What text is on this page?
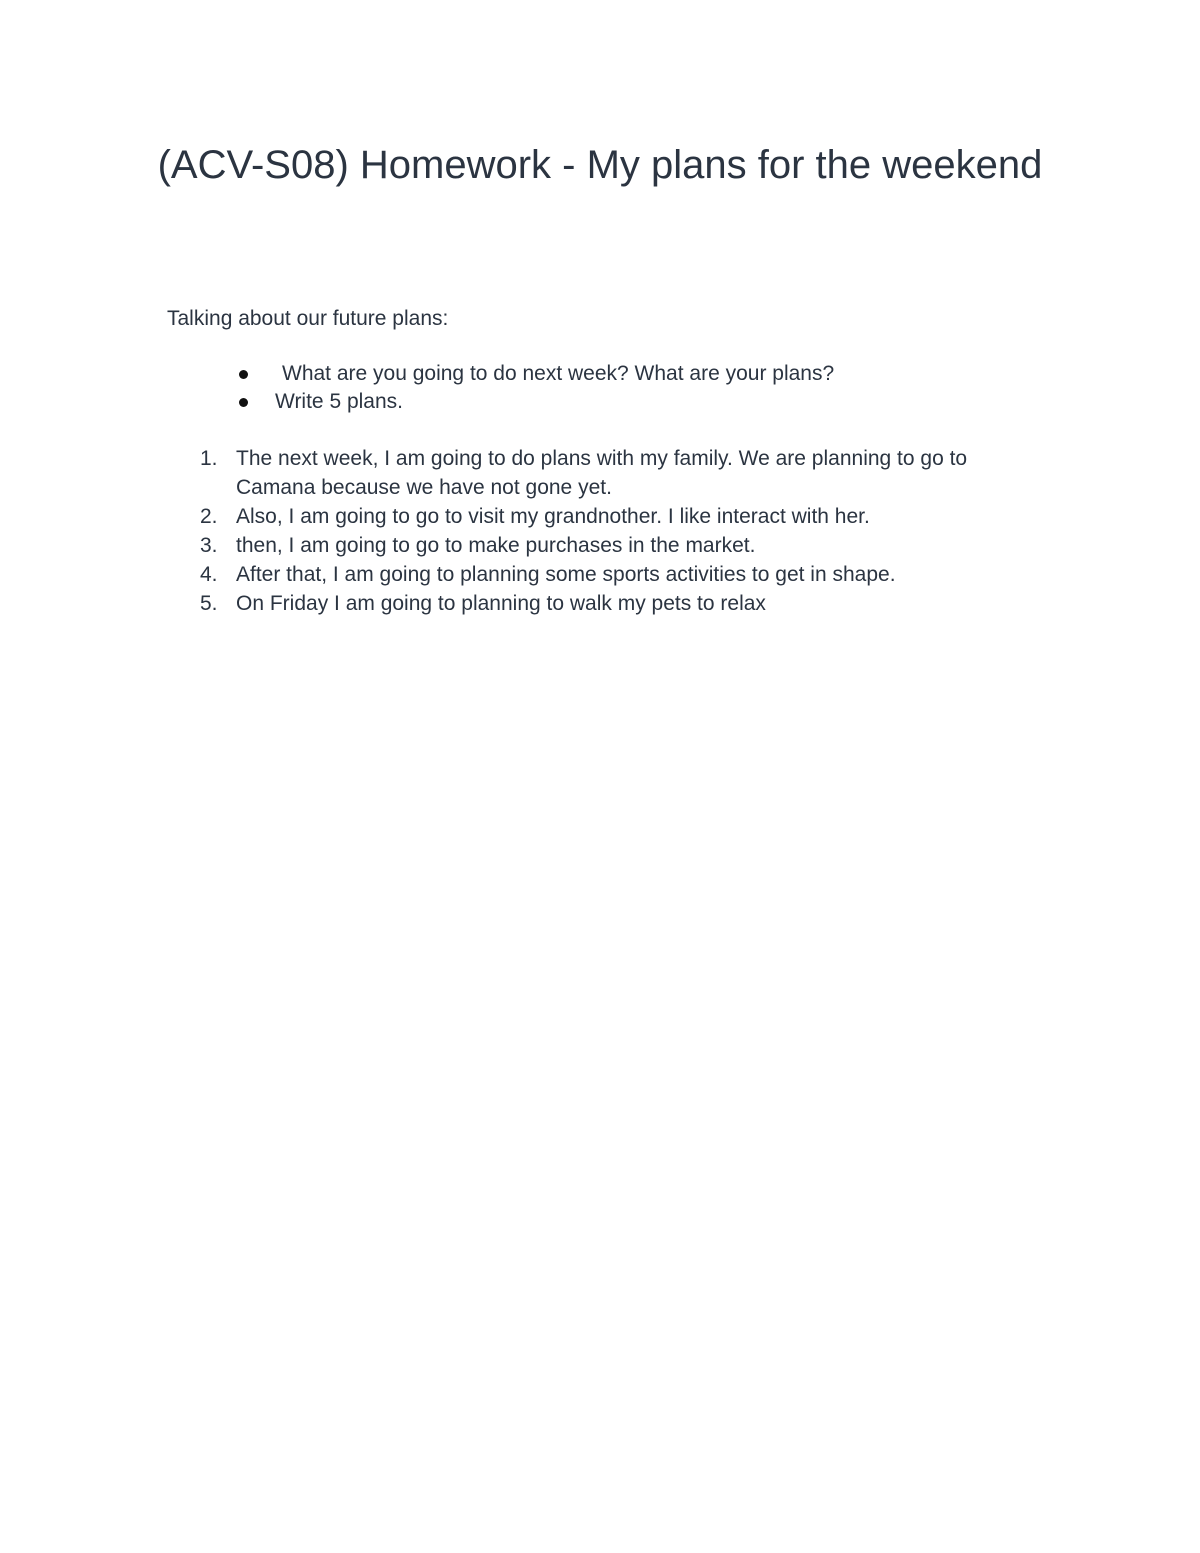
(ACV-S08) Homework - My plans for the weekend

Talking about our future plans:

What are you going to do next week? What are your plans?
Write 5 plans.
1. The next week, I am going to do plans with my family. We are planning to go to Camana because we have not gone yet.
2. Also, I am going to go to visit my grandnother. I like interact with her.
3. then, I am going to go to make purchases in the market.
4. After that, I am going to planning some sports activities to get in shape.
5. On Friday I am going to planning to walk my pets to relax
